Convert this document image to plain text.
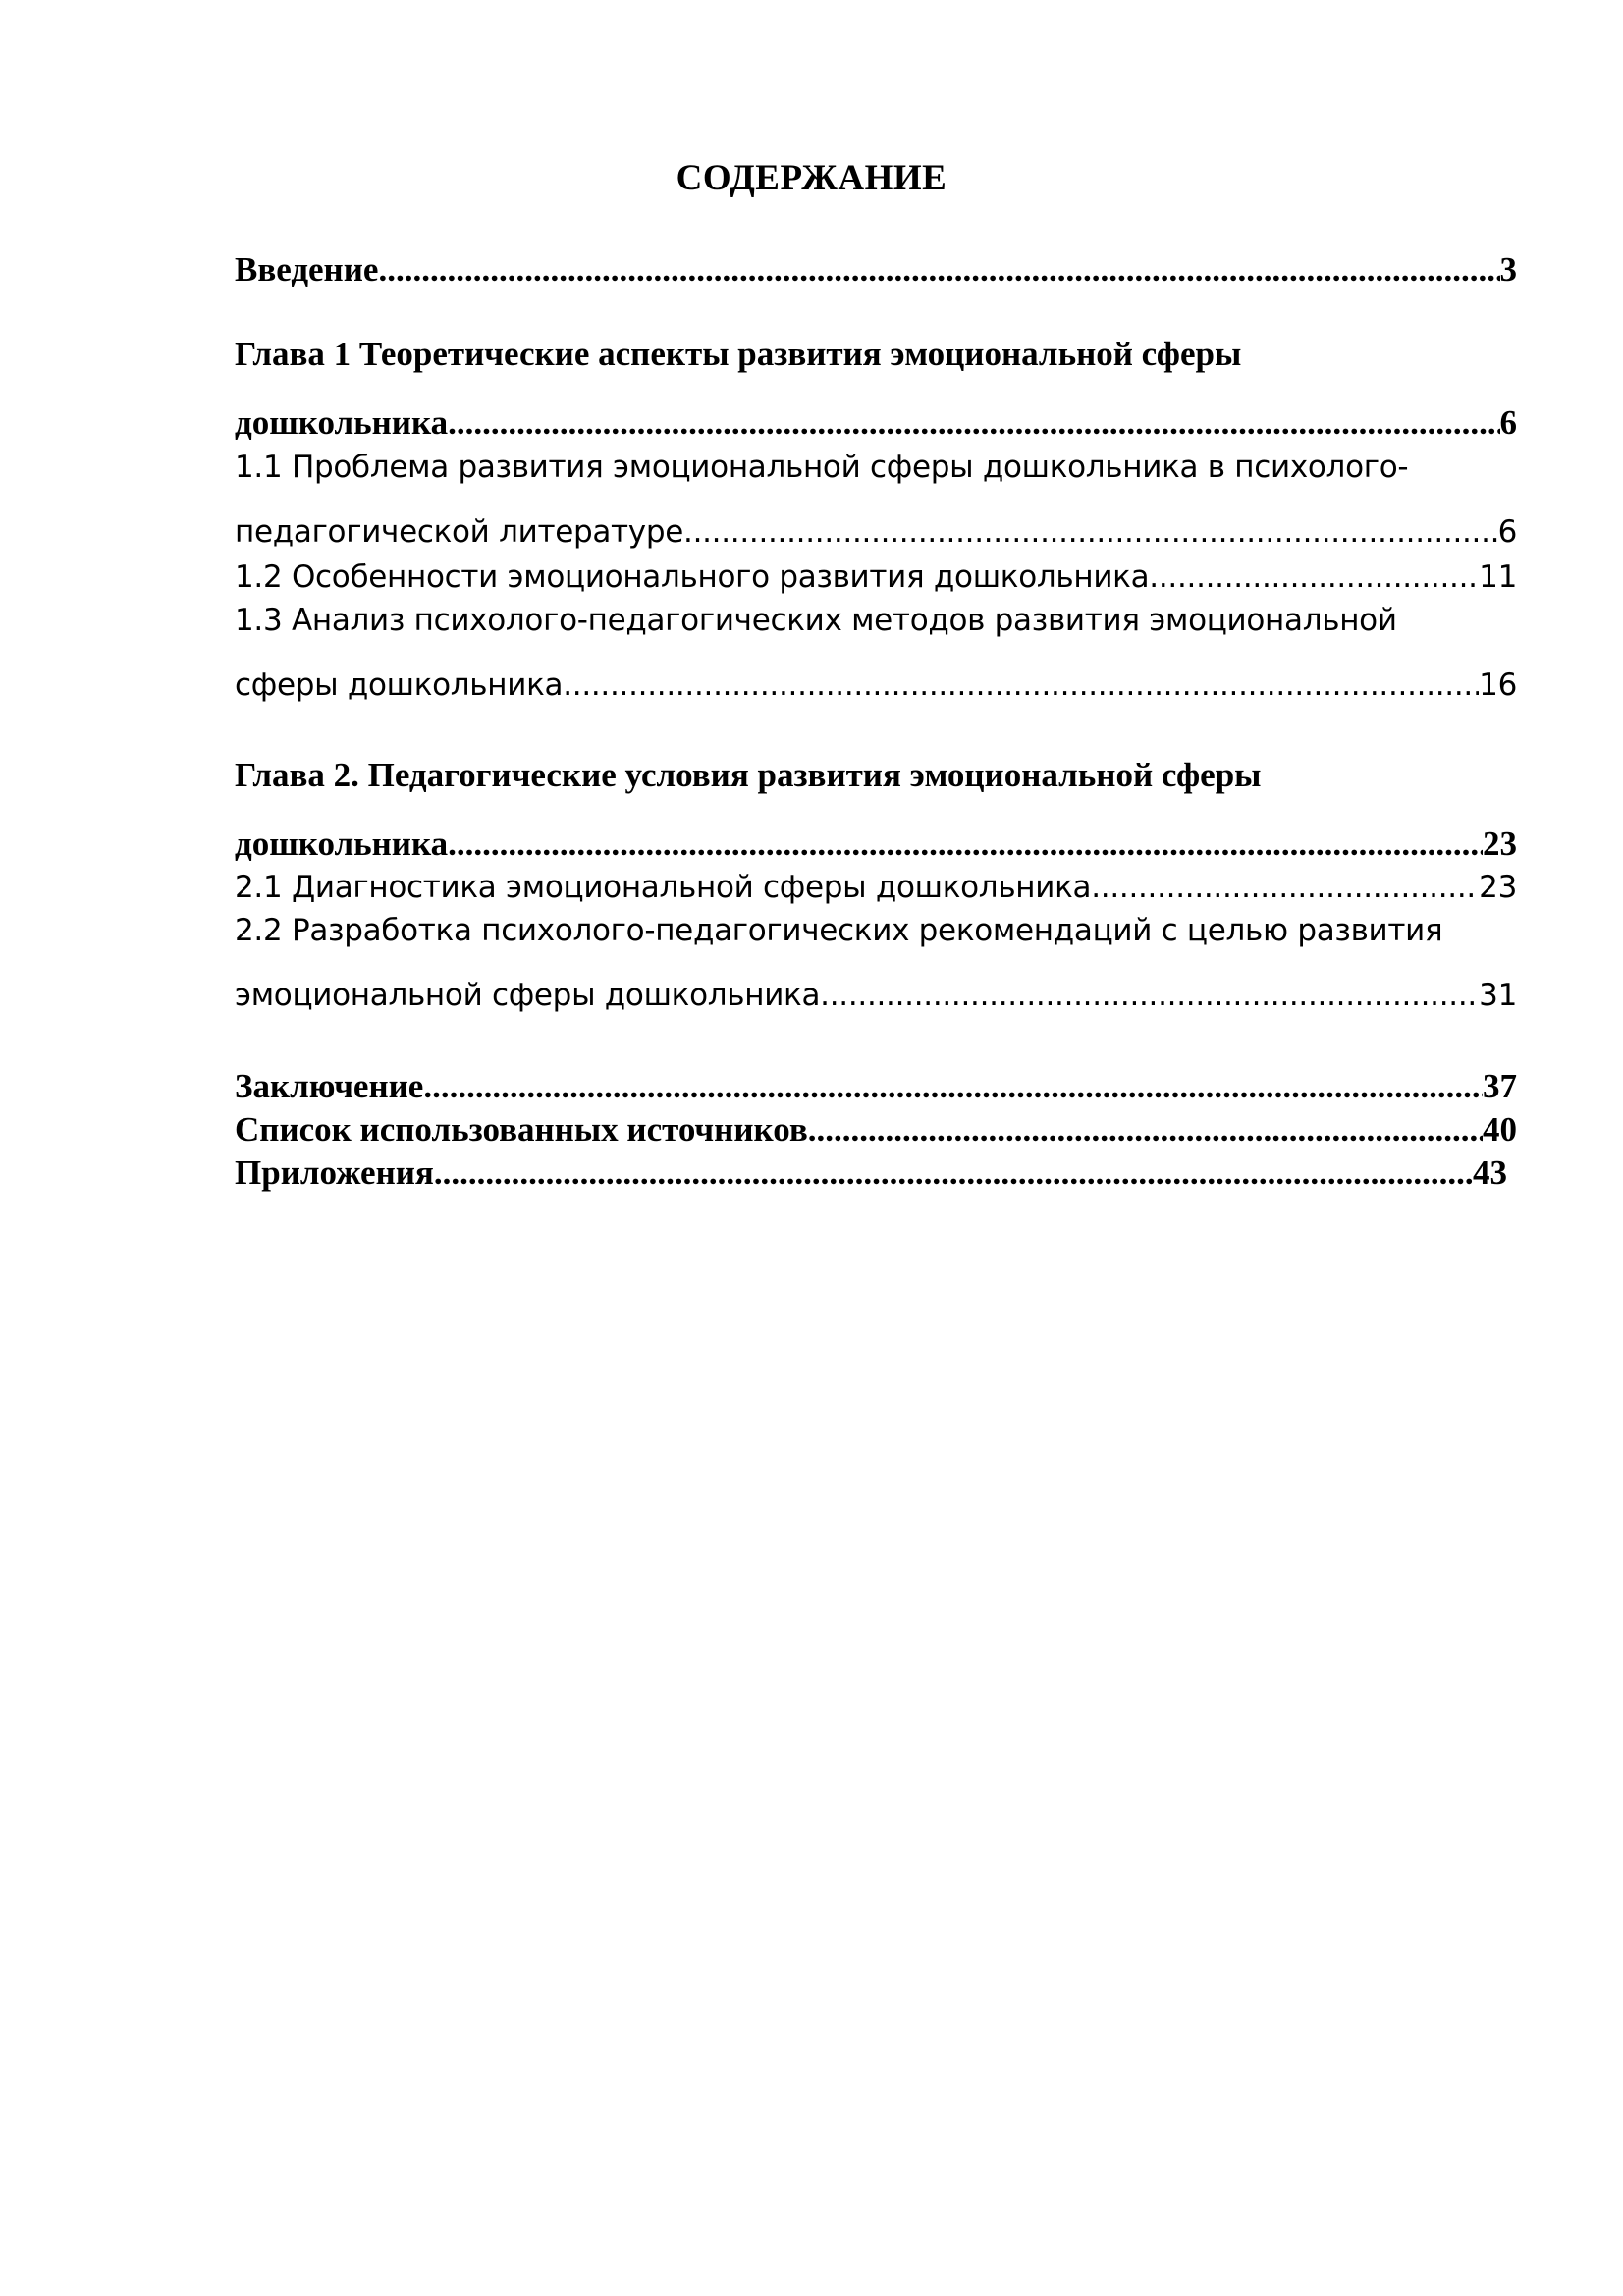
СОДЕРЖАНИЕ
Введение .....	3
Глава 1 Теоретические аспекты развития эмоциональной сферы
дошкольника .....	6
1.1 Проблема развития эмоциональной сферы дошкольника в психолого-
педагогической литературе .....	6
1.2 Особенности эмоционального развития дошкольника .....	11
1.3 Анализ психолого-педагогических методов развития эмоциональной
сферы дошкольника .....	16
Глава 2. Педагогические условия развития эмоциональной сферы
дошкольника .....	23
2.1 Диагностика эмоциональной сферы дошкольника .....	23
2.2 Разработка психолого-педагогических рекомендаций с целью развития
эмоциональной сферы дошкольника .....	31
Заключение .....	37
Список использованных источников .....	40
Приложения .....	43
